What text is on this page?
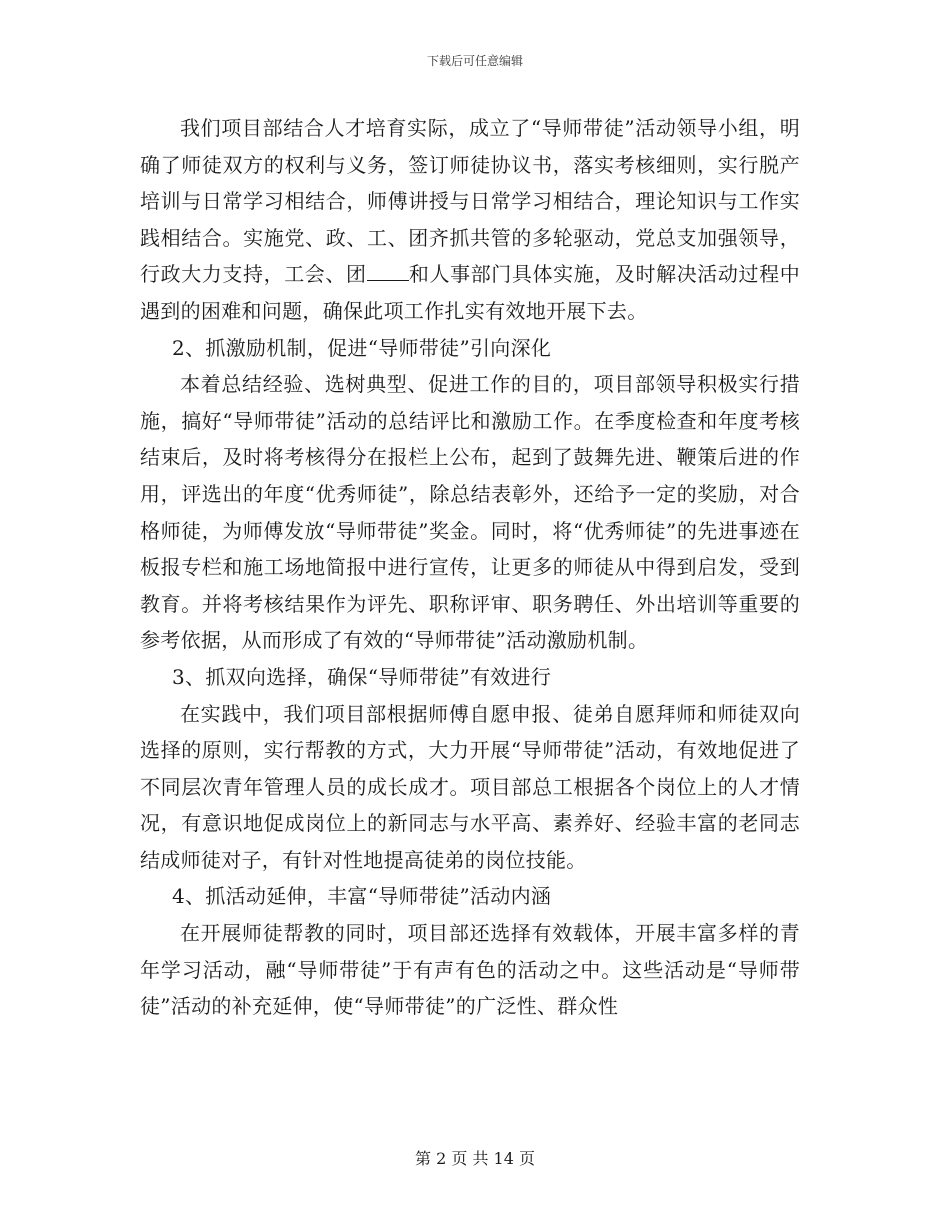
下载后可任意编辑

我们项目部结合人才培育实际，成立了“导师带徒”活动领导小组，明确了师徒双方的权利与义务，签订师徒协议书，落实考核细则，实行脱产培训与日常学习相结合，师傅讲授与日常学习相结合，理论知识与工作实践相结合。实施党、政、工、团齐抓共管的多轮驱动，党总支加强领导，行政大力支持，工会、团 和人事部门具体实施，及时解决活动过程中遇到的困难和问题，确保此项工作扎实有效地开展下去。

2、抓激励机制，促进“导师带徒”引向深化

本着总结经验、选树典型、促进工作的目的，项目部领导积极实行措施，搞好“导师带徒”活动的总结评比和激励工作。在季度检查和年度考核结束后，及时将考核得分在报栏上公布，起到了鼓舞先进、鞭策后进的作用，评选出的年度“优秀师徒”，除总结表彰外，还给予一定的奖励，对合格师徒，为师傅发放“导师带徒”奖金。同时，将“优秀师徒”的先进事迹在板报专栏和施工场地简报中进行宣传，让更多的师徒从中得到启发，受到教育。并将考核结果作为评先、职称评审、职务聘任、外出培训等重要的参考依据，从而形成了有效的“导师带徒”活动激励机制。

3、抓双向选择，确保“导师带徒”有效进行

在实践中，我们项目部根据师傅自愿申报、徒弟自愿拜师和师徒双向选择的原则，实行帮教的方式，大力开展“导师带徒”活动，有效地促进了不同层次青年管理人员的成长成才。项目部总工根据各个岗位上的人才情况，有意识地促成岗位上的新同志与水平高、素养好、经验丰富的老同志结成师徒对子，有针对性地提高徒弟的岗位技能。

4、抓活动延伸，丰富“导师带徒”活动内涵

在开展师徒帮教的同时，项目部还选择有效载体，开展丰富多样的青年学习活动，融“导师带徒”于有声有色的活动之中。这些活动是“导师带徒”活动的补充延伸，使“导师带徒”的广泛性、群众性

第 2 页 共 14 页
